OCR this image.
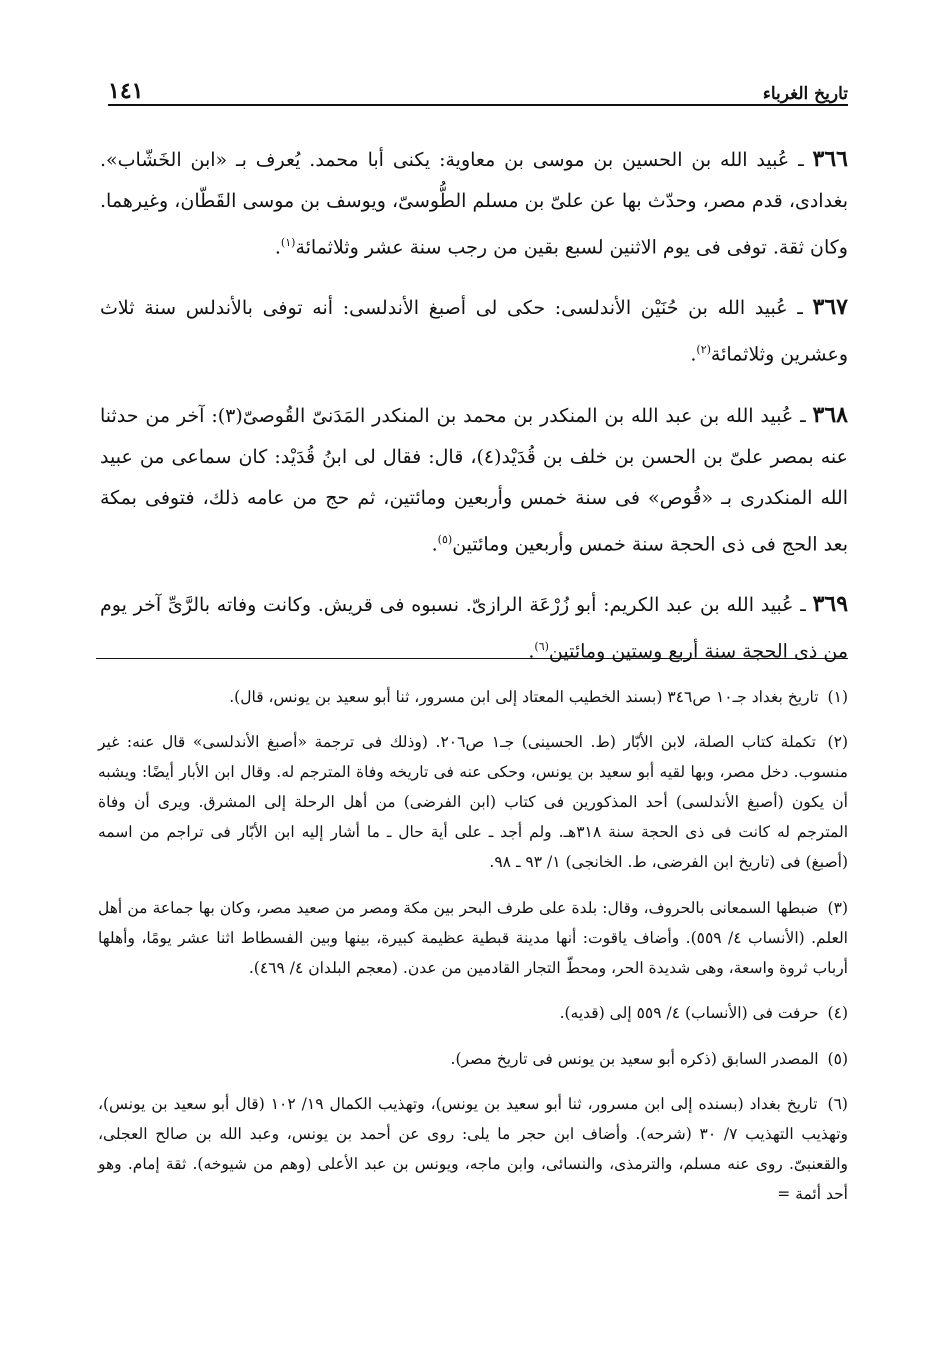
تاريخ الغرباء
١٤١

٣٦٦ ـ عُبيد الله بن الحسين بن موسى بن معاوية: يكنى أبا محمد. يُعرف بـ «ابن الخَشّاب». بغدادى، قدم مصر، وحدّث بها عن علىّ بن مسلم الطُّوسىّ، ويوسف بن موسى القَطّان، وغيرهما. وكان ثقة. توفى فى يوم الاثنين لسبع بقين من رجب سنة عشر وثلاثمائة$^{(١)}$.

٣٦٧ ـ عُبيد الله بن حُنَيْن الأندلسى: حكى لى أصبغ الأندلسى: أنه توفى بالأندلس سنة ثلاث وعشرين وثلاثمائة$^{(٢)}$.

٣٦٨ ـ عُبيد الله بن عبد الله بن المنكدر بن محمد بن المنكدر المَدَنىّ القُوصىّ(٣): آخر من حدثنا عنه بمصر علىّ بن الحسن بن خلف بن قُدَيْد(٤)، قال: فقال لى ابنُ قُدَيْد: كان سماعى من عبيد الله المنكدرى بـ «قُوص» فى سنة خمس وأربعين ومائتين، ثم حج من عامه ذلك، فتوفى بمكة بعد الحج فى ذى الحجة سنة خمس وأربعين ومائتين$^{(٥)}$.

٣٦٩ ـ عُبيد الله بن عبد الكريم: أبو زُرْعَة الرازىّ. نسبوه فى قريش. وكانت وفاته بالرَّىِّ آخر يوم من ذى الحجة سنة أربع وستين ومائتين$^{(٦)}$.

(١) تاريخ بغداد جـ١٠ ص٣٤٦ (بسند الخطيب المعتاد إلى ابن مسرور، ثنا أبو سعيد بن يونس، قال).

(٢) تكملة كتاب الصلة، لابن الأبّار (ط. الحسينى) جـ١ ص٢٠٦. (وذلك فى ترجمة «أصبغ الأندلسى» قال عنه: غير منسوب. دخل مصر، وبها لقيه أبو سعيد بن يونس، وحكى عنه فى تاريخه وفاة المترجم له. وقال ابن الأبار أيضًا: ويشبه أن يكون (أصبغ الأندلسى) أحد المذكورين فى كتاب (ابن الفرضى) من أهل الرحلة إلى المشرق. ويرى أن وفاة المترجم له كانت فى ذى الحجة سنة ٣١٨هـ. ولم أجد ـ على أية حال ـ ما أشار إليه ابن الأبّار فى تراجم من اسمه (أصبغ) فى (تاريخ ابن الفرضى، ط. الخانجى) ١/ ٩٣ ـ ٩٨.

(٣) ضبطها السمعانى بالحروف، وقال: بلدة على طرف البحر بين مكة ومصر من صعيد مصر، وكان بها جماعة من أهل العلم. (الأنساب ٤/ ٥٥٩). وأضاف ياقوت: أنها مدينة قبطية عظيمة كبيرة، بينها وبين الفسطاط اثنا عشر يومًا، وأهلها أرباب ثروة واسعة، وهى شديدة الحر، ومحطّ التجار القادمين من عدن. (معجم البلدان ٤/ ٤٦٩).

(٤) حرفت فى (الأنساب) ٤/ ٥٥٩ إلى (قديه).

(٥) المصدر السابق (ذكره أبو سعيد بن يونس فى تاريخ مصر).

(٦) تاريخ بغداد (بسنده إلى ابن مسرور، ثنا أبو سعيد بن يونس)، وتهذيب الكمال ١٩/ ١٠٢ (قال أبو سعيد بن يونس)، وتهذيب التهذيب ٧/ ٣٠ (شرحه). وأضاف ابن حجر ما يلى: روى عن أحمد بن يونس، وعبد الله بن صالح العجلى، والقعنبىّ. روى عنه مسلم، والترمذى، والنسائى، وابن ماجه، ويونس بن عبد الأعلى (وهم من شيوخه). ثقة إمام. وهو أحد أئمة =
